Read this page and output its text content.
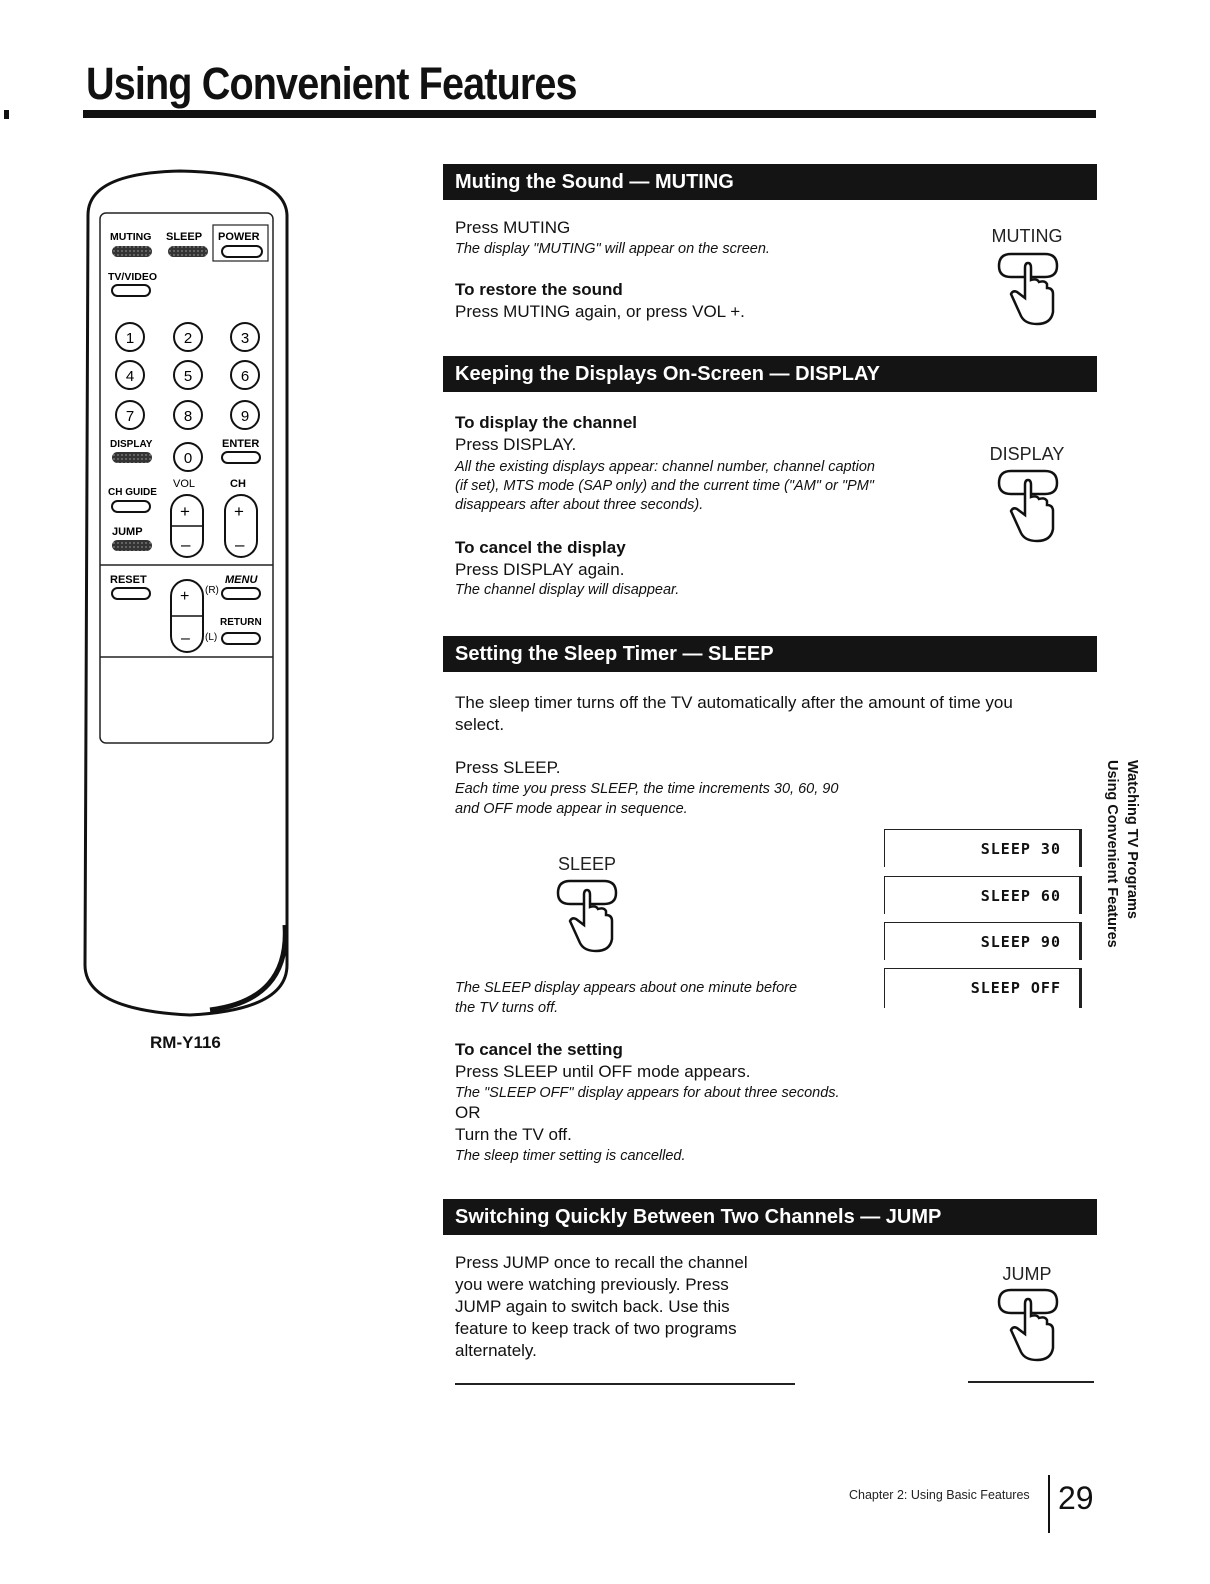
Using Convenient Features
MUTING SLEEP POWER
TV/VIDEO
1	2	3
4	5	6
7	8	9
0
DISPLAY	ENTER
CH GUIDE
VOL	CH
+
–
+
–
JUMP
RESET
+
–
(R)
(L)
MENU
RETURN
RM-Y116
Muting the Sound — MUTING
Press MUTING
The display "MUTING" will appear on the screen.
To restore the sound
Press MUTING again, or press VOL +.
MUTING
Keeping the Displays On-Screen — DISPLAY
To display the channel
Press DISPLAY.
All the existing displays appear: channel number, channel caption
(if set), MTS mode (SAP only) and the current time ("AM" or "PM"
disappears after about three seconds).
To cancel the display
Press DISPLAY again.
The channel display will disappear.
DISPLAY
Setting the Sleep Timer — SLEEP
The sleep timer turns off the TV automatically after the amount of time you
select.
Press SLEEP.
Each time you press SLEEP, the time increments 30, 60, 90
and OFF mode appear in sequence.
SLEEP
SLEEP 30
SLEEP 60
SLEEP 90
SLEEP OFF
The SLEEP display appears about one minute before
the TV turns off.
To cancel the setting
Press SLEEP until OFF mode appears.
The "SLEEP OFF" display appears for about three seconds.
OR
Turn the TV off.
The sleep timer setting is cancelled.
Switching Quickly Between Two Channels — JUMP
Press JUMP once to recall the channel
you were watching previously. Press
JUMP again to switch back. Use this
feature to keep track of two programs
alternately.
JUMP
Watching TV Programs
Using Convenient Features
Chapter 2: Using Basic Features 29
